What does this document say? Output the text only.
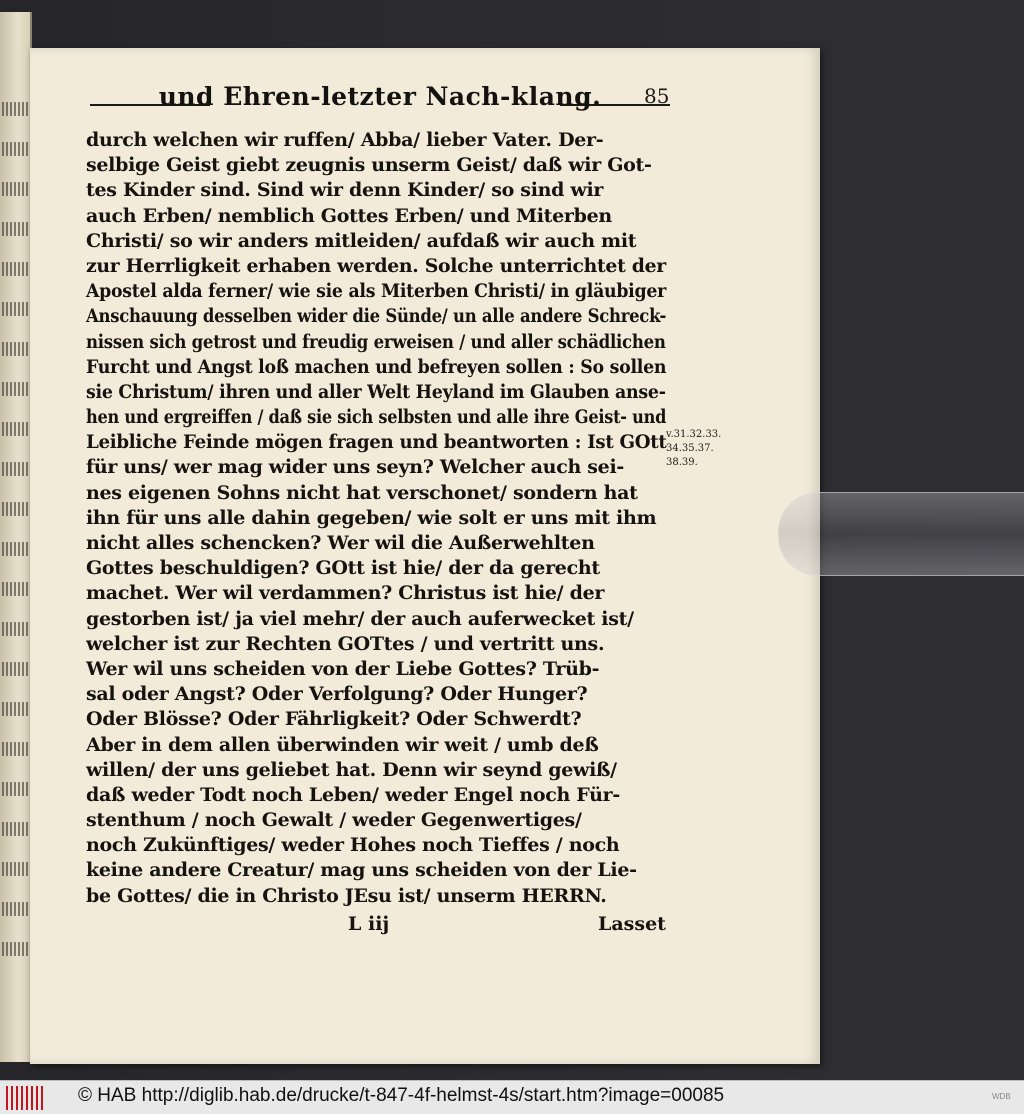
und Ehren-letzter Nach-klang.	85
durch welchen wir ruffen/ Abba/ lieber Vater. Der-
selbige Geist giebt zeugnis unserm Geist/ daß wir Got-
tes Kinder sind. Sind wir denn Kinder/ so sind wir
auch Erben/ nemblich Gottes Erben/ und Miterben
Christi/ so wir anders mitleiden/ aufdaß wir auch mit
zur Herrligkeit erhaben werden. Solche unterrichtet der
Apostel alda ferner/ wie sie als Miterben Christi/ in gläubiger
Anschauung desselben wider die Sünde/ un alle andere Schreck-
nissen sich getrost und freudig erweisen / und aller schädlichen
Furcht und Angst loß machen und befreyen sollen : So sollen
sie Christum/ ihren und aller Welt Heyland im Glauben anse-
hen und ergreiffen / daß sie sich selbsten und alle ihre Geist- und
Leibliche Feinde mögen fragen und beantworten : Ist GOtt
für uns/ wer mag wider uns seyn? Welcher auch sei-
nes eigenen Sohns nicht hat verschonet/ sondern hat
ihn für uns alle dahin gegeben/ wie solt er uns mit ihm
nicht alles schencken? Wer wil die Außerwehlten
Gottes beschuldigen? GOtt ist hie/ der da gerecht
machet. Wer wil verdammen? Christus ist hie/ der
gestorben ist/ ja viel mehr/ der auch auferwecket ist/
welcher ist zur Rechten GOTtes / und vertritt uns.
Wer wil uns scheiden von der Liebe Gottes? Trüb-
sal oder Angst? Oder Verfolgung? Oder Hunger?
Oder Blösse? Oder Fährligkeit? Oder Schwerdt?
Aber in dem allen überwinden wir weit / umb deß
willen/ der uns geliebet hat. Denn wir seynd gewiß/
daß weder Todt noch Leben/ weder Engel noch Für-
stenthum / noch Gewalt / weder Gegenwertiges/
noch Zukünftiges/ weder Hohes noch Tieffes / noch
keine andere Creatur/ mag uns scheiden von der Lie-
be Gottes/ die in Christo JEsu ist/ unserm HERRN.
v.31.32.33.
34.35.37.
38.39.
L iij	Lasset
© HAB http://diglib.hab.de/drucke/t-847-4f-helmst-4s/start.htm?image=00085	WDB
